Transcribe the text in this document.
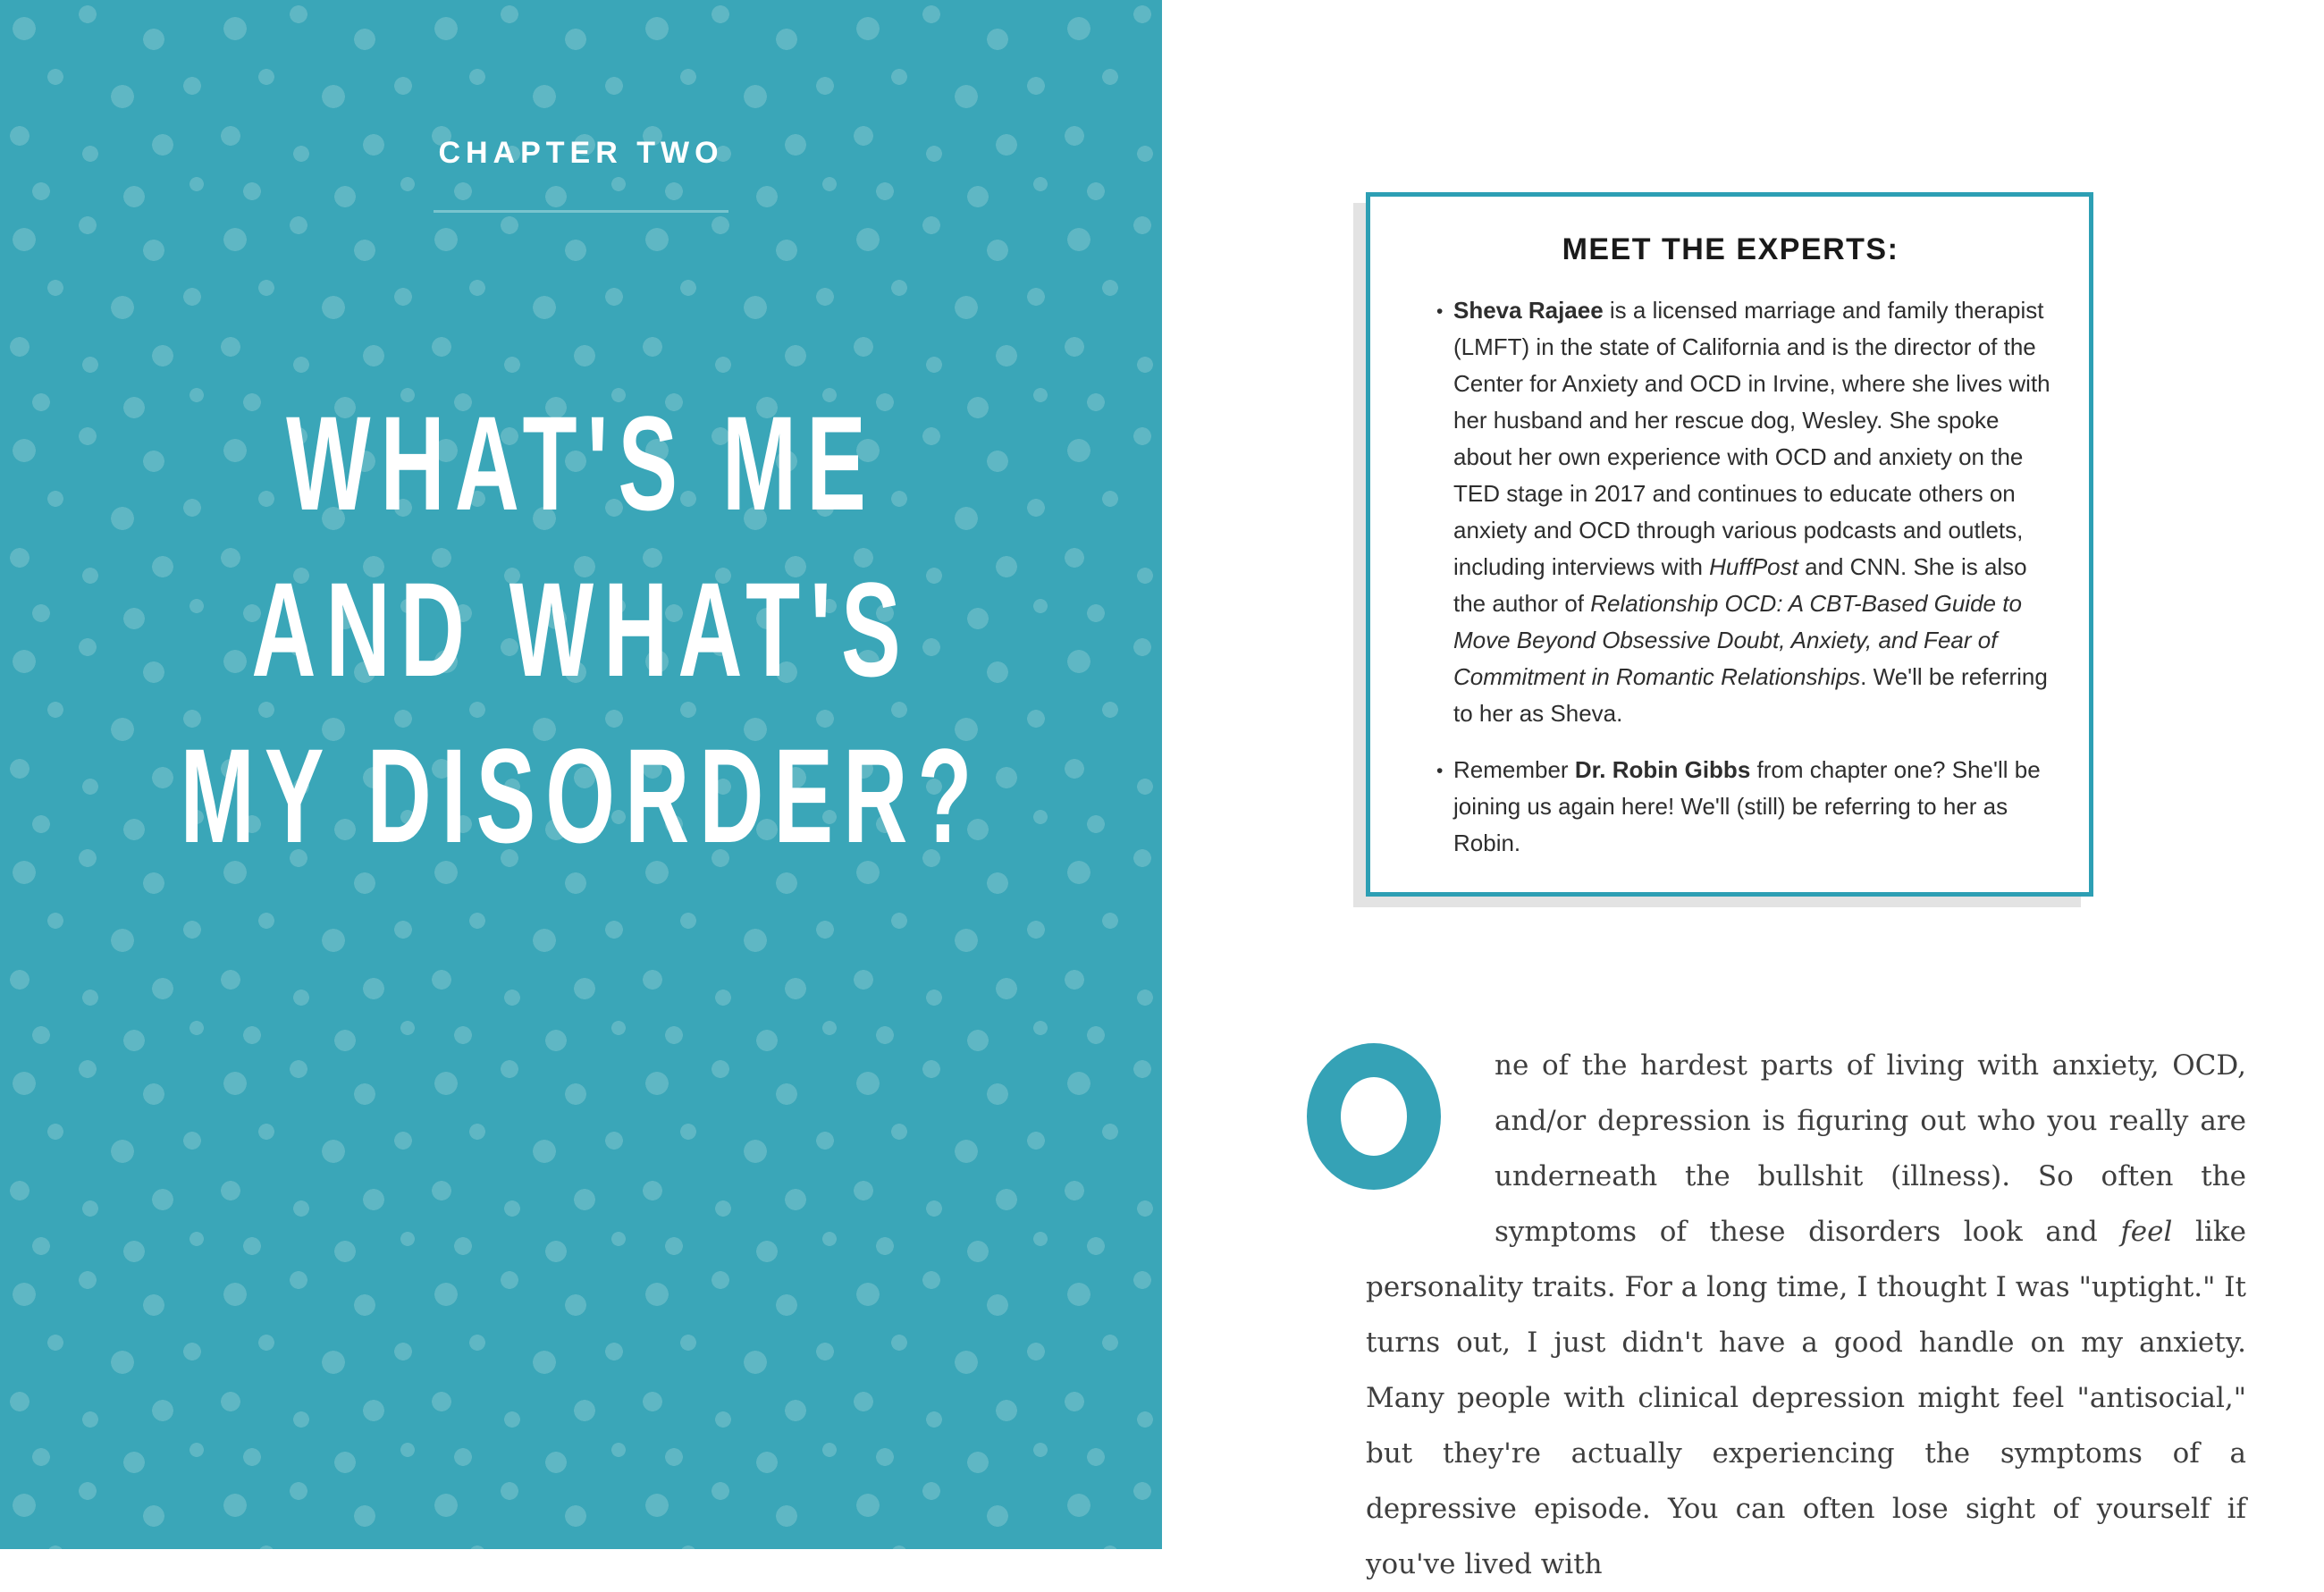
CHAPTER TWO
WHAT'S ME
AND WHAT'S
MY DISORDER?
MEET THE EXPERTS:
• Sheva Rajaee is a licensed marriage and family therapist (LMFT) in the state of California and is the director of the Center for Anxiety and OCD in Irvine, where she lives with her husband and her rescue dog, Wesley. She spoke about her own experience with OCD and anxiety on the TED stage in 2017 and continues to educate others on anxiety and OCD through various podcasts and outlets, including interviews with HuffPost and CNN. She is also the author of Relationship OCD: A CBT-Based Guide to Move Beyond Obsessive Doubt, Anxiety, and Fear of Commitment in Romantic Relationships. We'll be referring to her as Sheva.
• Remember Dr. Robin Gibbs from chapter one? She'll be joining us again here! We'll (still) be referring to her as Robin.

ne of the hardest parts of living with anxiety, OCD, and/or depression is figuring out who you really are underneath the bullshit (illness). So often the symptoms of these disorders look and feel like personality traits. For a long time, I thought I was "uptight." It turns out, I just didn't have a good handle on my anxiety. Many people with clinical depression might feel "antisocial," but they're actually experiencing the symptoms of a depressive episode. You can often lose sight of yourself if you've lived with
